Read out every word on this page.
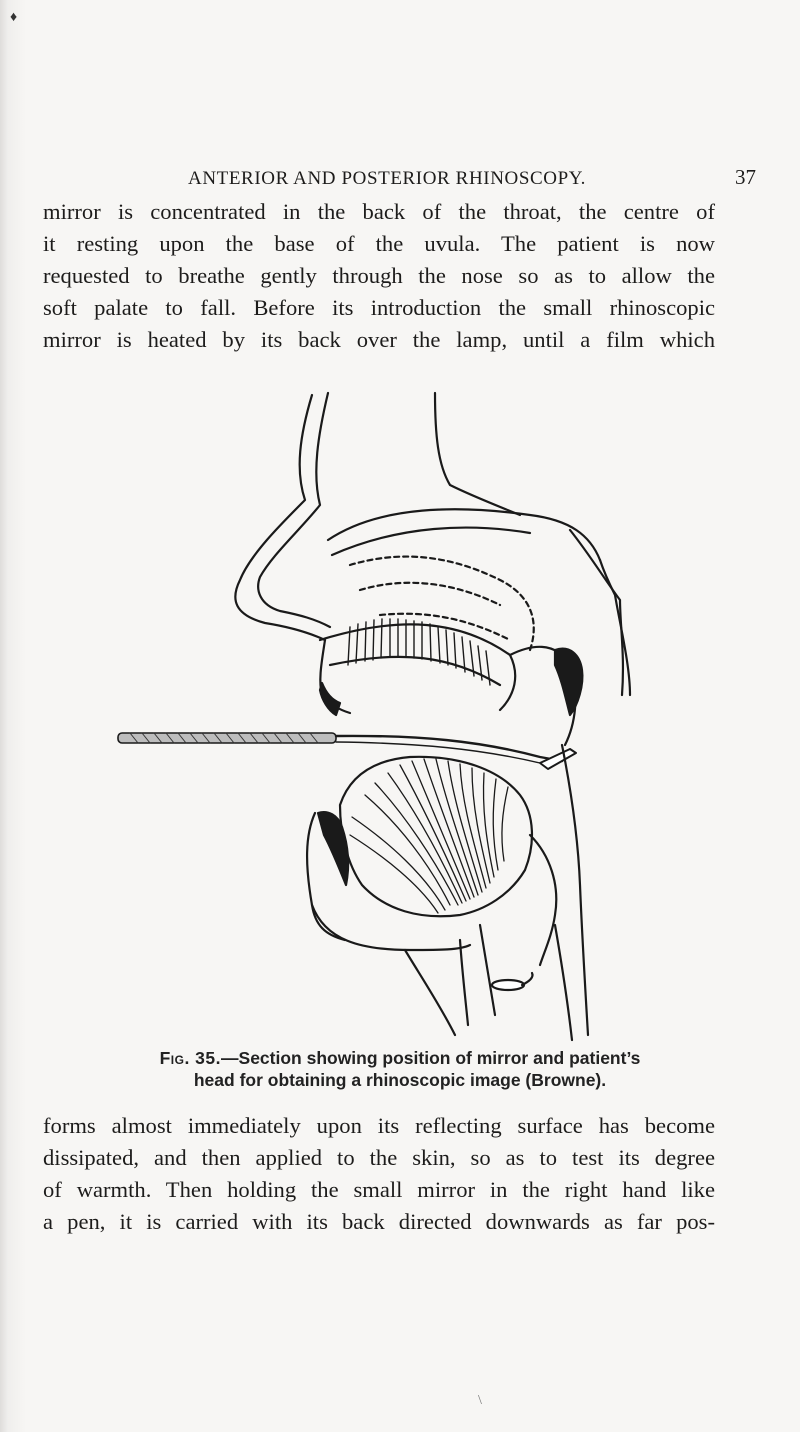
♦
ANTERIOR AND POSTERIOR RHINOSCOPY.	37
mirror is concentrated in the back of the throat, the centre of
it resting upon the base of the uvula. The patient is now
requested to breathe gently through the nose so as to allow the
soft palate to fall. Before its introduction the small rhinoscopic
mirror is heated by its back over the lamp, until a film which
Fig. 35.—Section showing position of mirror and patient’s
head for obtaining a rhinoscopic image (Browne).
forms almost immediately upon its reflecting surface has become
dissipated, and then applied to the skin, so as to test its degree
of warmth. Then holding the small mirror in the right hand like
a pen, it is carried with its back directed downwards as far pos-
\
